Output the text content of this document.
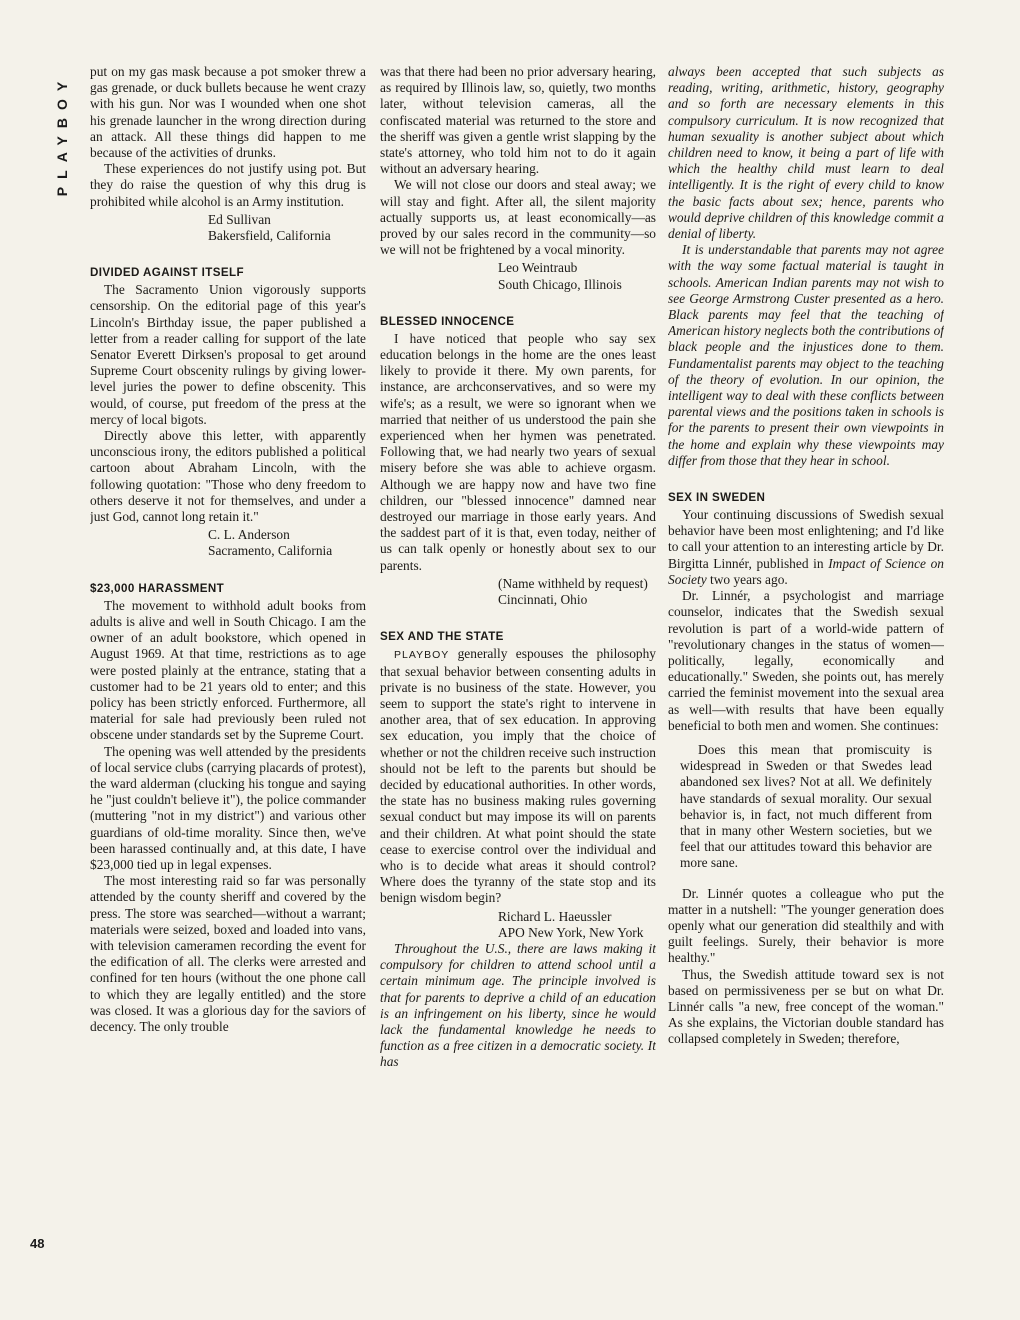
PLAYBOY
48

put on my gas mask because a pot smoker threw a gas grenade, or duck bullets because he went crazy with his gun. Nor was I wounded when one shot his grenade launcher in the wrong direction during an attack. All these things did happen to me because of the activities of drunks.

These experiences do not justify using pot. But they do raise the question of why this drug is prohibited while alcohol is an Army institution.

Ed Sullivan
Bakersfield, California
DIVIDED AGAINST ITSELF

The Sacramento Union vigorously supports censorship. On the editorial page of this year's Lincoln's Birthday issue, the paper published a letter from a reader calling for support of the late Senator Everett Dirksen's proposal to get around Supreme Court obscenity rulings by giving lower-level juries the power to define obscenity. This would, of course, put freedom of the press at the mercy of local bigots.

Directly above this letter, with apparently unconscious irony, the editors published a political cartoon about Abraham Lincoln, with the following quotation: "Those who deny freedom to others deserve it not for themselves, and under a just God, cannot long retain it."

C. L. Anderson
Sacramento, California
$23,000 HARASSMENT

The movement to withhold adult books from adults is alive and well in South Chicago. I am the owner of an adult bookstore, which opened in August 1969. At that time, restrictions as to age were posted plainly at the entrance, stating that a customer had to be 21 years old to enter; and this policy has been strictly enforced. Furthermore, all material for sale had previously been ruled not obscene under standards set by the Supreme Court.

The opening was well attended by the presidents of local service clubs (carrying placards of protest), the ward alderman (clucking his tongue and saying he "just couldn't believe it"), the police commander (muttering "not in my district") and various other guardians of old-time morality. Since then, we've been harassed continually and, at this date, I have $23,000 tied up in legal expenses.

The most interesting raid so far was personally attended by the county sheriff and covered by the press. The store was searched—without a warrant; materials were seized, boxed and loaded into vans, with television cameramen recording the event for the edification of all. The clerks were arrested and confined for ten hours (without the one phone call to which they are legally entitled) and the store was closed. It was a glorious day for the saviors of decency. The only trouble

was that there had been no prior adversary hearing, as required by Illinois law, so, quietly, two months later, without television cameras, all the confiscated material was returned to the store and the sheriff was given a gentle wrist slapping by the state's attorney, who told him not to do it again without an adversary hearing.

We will not close our doors and steal away; we will stay and fight. After all, the silent majority actually supports us, at least economically—as proved by our sales record in the community—so we will not be frightened by a vocal minority.

Leo Weintraub
South Chicago, Illinois
BLESSED INNOCENCE

I have noticed that people who say sex education belongs in the home are the ones least likely to provide it there. My own parents, for instance, are archconservatives, and so were my wife's; as a result, we were so ignorant when we married that neither of us understood the pain she experienced when her hymen was penetrated. Following that, we had nearly two years of sexual misery before she was able to achieve orgasm. Although we are happy now and have two fine children, our "blessed innocence" damned near destroyed our marriage in those early years. And the saddest part of it is that, even today, neither of us can talk openly or honestly about sex to our parents.

(Name withheld by request)
Cincinnati, Ohio
SEX AND THE STATE

PLAYBOY generally espouses the philosophy that sexual behavior between consenting adults in private is no business of the state. However, you seem to support the state's right to intervene in another area, that of sex education. In approving sex education, you imply that the choice of whether or not the children receive such instruction should not be left to the parents but should be decided by educational authorities. In other words, the state has no business making rules governing sexual conduct but may impose its will on parents and their children. At what point should the state cease to exercise control over the individual and who is to decide what areas it should control? Where does the tyranny of the state stop and its benign wisdom begin?

Richard L. Haeussler
APO New York, New York

Throughout the U.S., there are laws making it compulsory for children to attend school until a certain minimum age. The principle involved is that for parents to deprive a child of an education is an infringement on his liberty, since he would lack the fundamental knowledge he needs to function as a free citizen in a democratic society. It has

always been accepted that such subjects as reading, writing, arithmetic, history, geography and so forth are necessary elements in this compulsory curriculum. It is now recognized that human sexuality is another subject about which children need to know, it being a part of life with which the healthy child must learn to deal intelligently. It is the right of every child to know the basic facts about sex; hence, parents who would deprive children of this knowledge commit a denial of liberty.

It is understandable that parents may not agree with the way some factual material is taught in schools. American Indian parents may not wish to see George Armstrong Custer presented as a hero. Black parents may feel that the teaching of American history neglects both the contributions of black people and the injustices done to them. Fundamentalist parents may object to the teaching of the theory of evolution. In our opinion, the intelligent way to deal with these conflicts between parental views and the positions taken in schools is for the parents to present their own viewpoints in the home and explain why these viewpoints may differ from those that they hear in school.

SEX IN SWEDEN

Your continuing discussions of Swedish sexual behavior have been most enlightening; and I'd like to call your attention to an interesting article by Dr. Birgitta Linnér, published in Impact of Science on Society two years ago.

Dr. Linnér, a psychologist and marriage counselor, indicates that the Swedish sexual revolution is part of a world-wide pattern of "revolutionary changes in the status of women—politically, legally, economically and educationally." Sweden, she points out, has merely carried the feminist movement into the sexual area as well—with results that have been equally beneficial to both men and women. She continues:

Does this mean that promiscuity is widespread in Sweden or that Swedes lead abandoned sex lives? Not at all. We definitely have standards of sexual morality. Our sexual behavior is, in fact, not much different from that in many other Western societies, but we feel that our attitudes toward this behavior are more sane.

Dr. Linnér quotes a colleague who put the matter in a nutshell: "The younger generation does openly what our generation did stealthily and with guilt feelings. Surely, their behavior is more healthy."

Thus, the Swedish attitude toward sex is not based on permissiveness per se but on what Dr. Linnér calls "a new, free concept of the woman." As she explains, the Victorian double standard has collapsed completely in Sweden; therefore,
